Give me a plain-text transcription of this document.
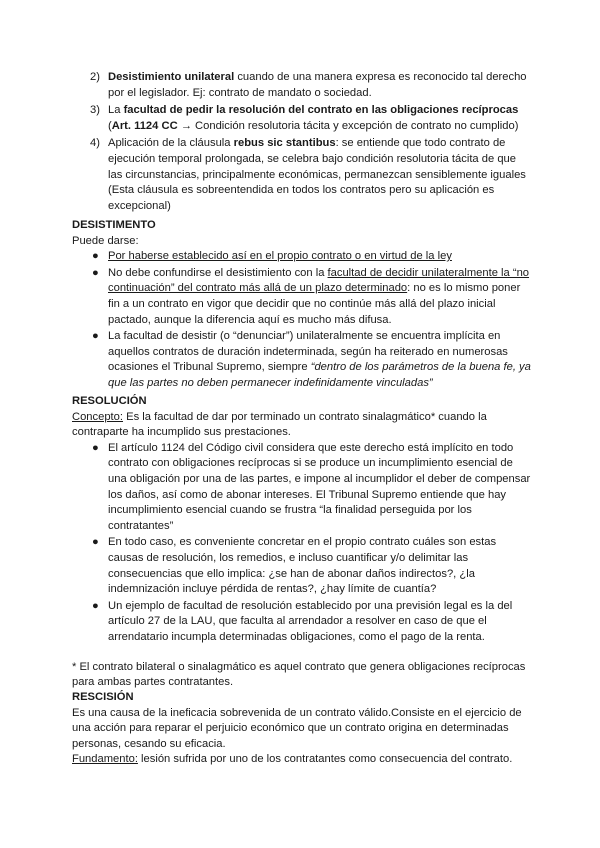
2) Desistimiento unilateral cuando de una manera expresa es reconocido tal derecho por el legislador. Ej: contrato de mandato o sociedad.
3) La facultad de pedir la resolución del contrato en las obligaciones recíprocas
(Art. 1124 CC → Condición resolutoria tácita y excepción de contrato no cumplido)
4) Aplicación de la cláusula rebus sic stantibus: se entiende que todo contrato de ejecución temporal prolongada, se celebra bajo condición resolutoria tácita de que las circunstancias, principalmente económicas, permanezcan sensiblemente iguales (Esta cláusula es sobreentendida en todos los contratos pero su aplicación es excepcional)

DESISTIMENTO

Puede darse:

● Por haberse establecido así en el propio contrato o en virtud de la ley
● No debe confundirse el desistimiento con la facultad de decidir unilateralmente la “no continuación” del contrato más allá de un plazo determinado: no es lo mismo poner fin a un contrato en vigor que decidir que no continúe más allá del plazo inicial pactado, aunque la diferencia aquí es mucho más difusa.
● La facultad de desistir (o “denunciar”) unilateralmente se encuentra implícita en aquellos contratos de duración indeterminada, según ha reiterado en numerosas ocasiones el Tribunal Supremo, siempre “dentro de los parámetros de la buena fe, ya que las partes no deben permanecer indefinidamente vinculadas”

RESOLUCIÓN

Concepto: Es la facultad de dar por terminado un contrato sinalagmático* cuando la contraparte ha incumplido sus prestaciones.

● El artículo 1124 del Código civil considera que este derecho está implícito en todo contrato con obligaciones recíprocas si se produce un incumplimiento esencial de una obligación por una de las partes, e impone al incumplidor el deber de compensar los daños, así como de abonar intereses. El Tribunal Supremo entiende que hay incumplimiento esencial cuando se frustra “la finalidad perseguida por los contratantes”
● En todo caso, es conveniente concretar en el propio contrato cuáles son estas causas de resolución, los remedios, e incluso cuantificar y/o delimitar las consecuencias que ello implica: ¿se han de abonar daños indirectos?, ¿la indemnización incluye pérdida de rentas?, ¿hay límite de cuantía?
● Un ejemplo de facultad de resolución establecido por una previsión legal es la del artículo 27 de la LAU, que faculta al arrendador a resolver en caso de que el arrendatario incumpla determinadas obligaciones, como el pago de la renta.

* El contrato bilateral o sinalagmático es aquel contrato que genera obligaciones recíprocas para ambas partes contratantes.

RESCISIÓN

Es una causa de la ineficacia sobrevenida de un contrato válido.Consiste en el ejercicio de una acción para reparar el perjuicio económico que un contrato origina en determinadas personas, cesando su eficacia.

Fundamento: lesión sufrida por uno de los contratantes como consecuencia del contrato.
